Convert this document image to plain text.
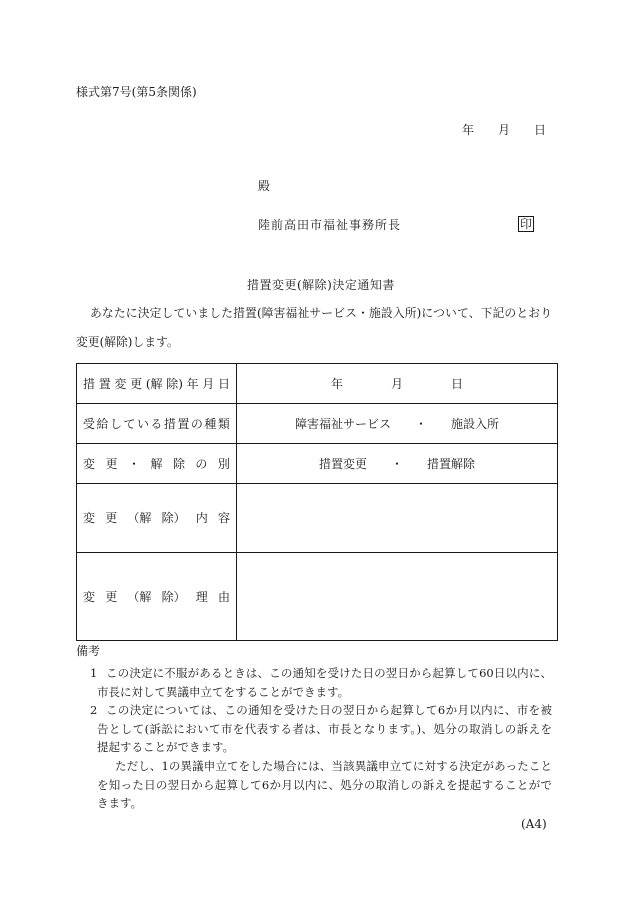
様式第7号(第5条関係)
年　　月　　日
殿
陸前高田市福祉事務所長	印
措置変更(解除)決定通知書
あなたに決定していました措置(障害福祉サービス・施設入所)について、下記のとおり
変更(解除)します。
措 置 変 更 (解 除) 年 月 日	年　　　　月　　　　日
受 給 し て い る 措 置 の 種 類	障害福祉サービス　　・　　施設入所
変 更 ・ 解 除 の 別	措置変更　　・　　措置解除
変 更 （解 除） 内 容
変 更 （解 除） 理 由
備考
1 この決定に不服があるときは、この通知を受けた日の翌日から起算して60日以内に、
市長に対して異議申立てをすることができます。
2 この決定については、この通知を受けた日の翌日から起算して6か月以内に、市を被
告として(訴訟において市を代表する者は、市長となります。)、処分の取消しの訴えを
提起することができます。
ただし、1の異議申立てをした場合には、当該異議申立てに対する決定があったこと
を知った日の翌日から起算して6か月以内に、処分の取消しの訴えを提起することがで
きます。
(A4)
